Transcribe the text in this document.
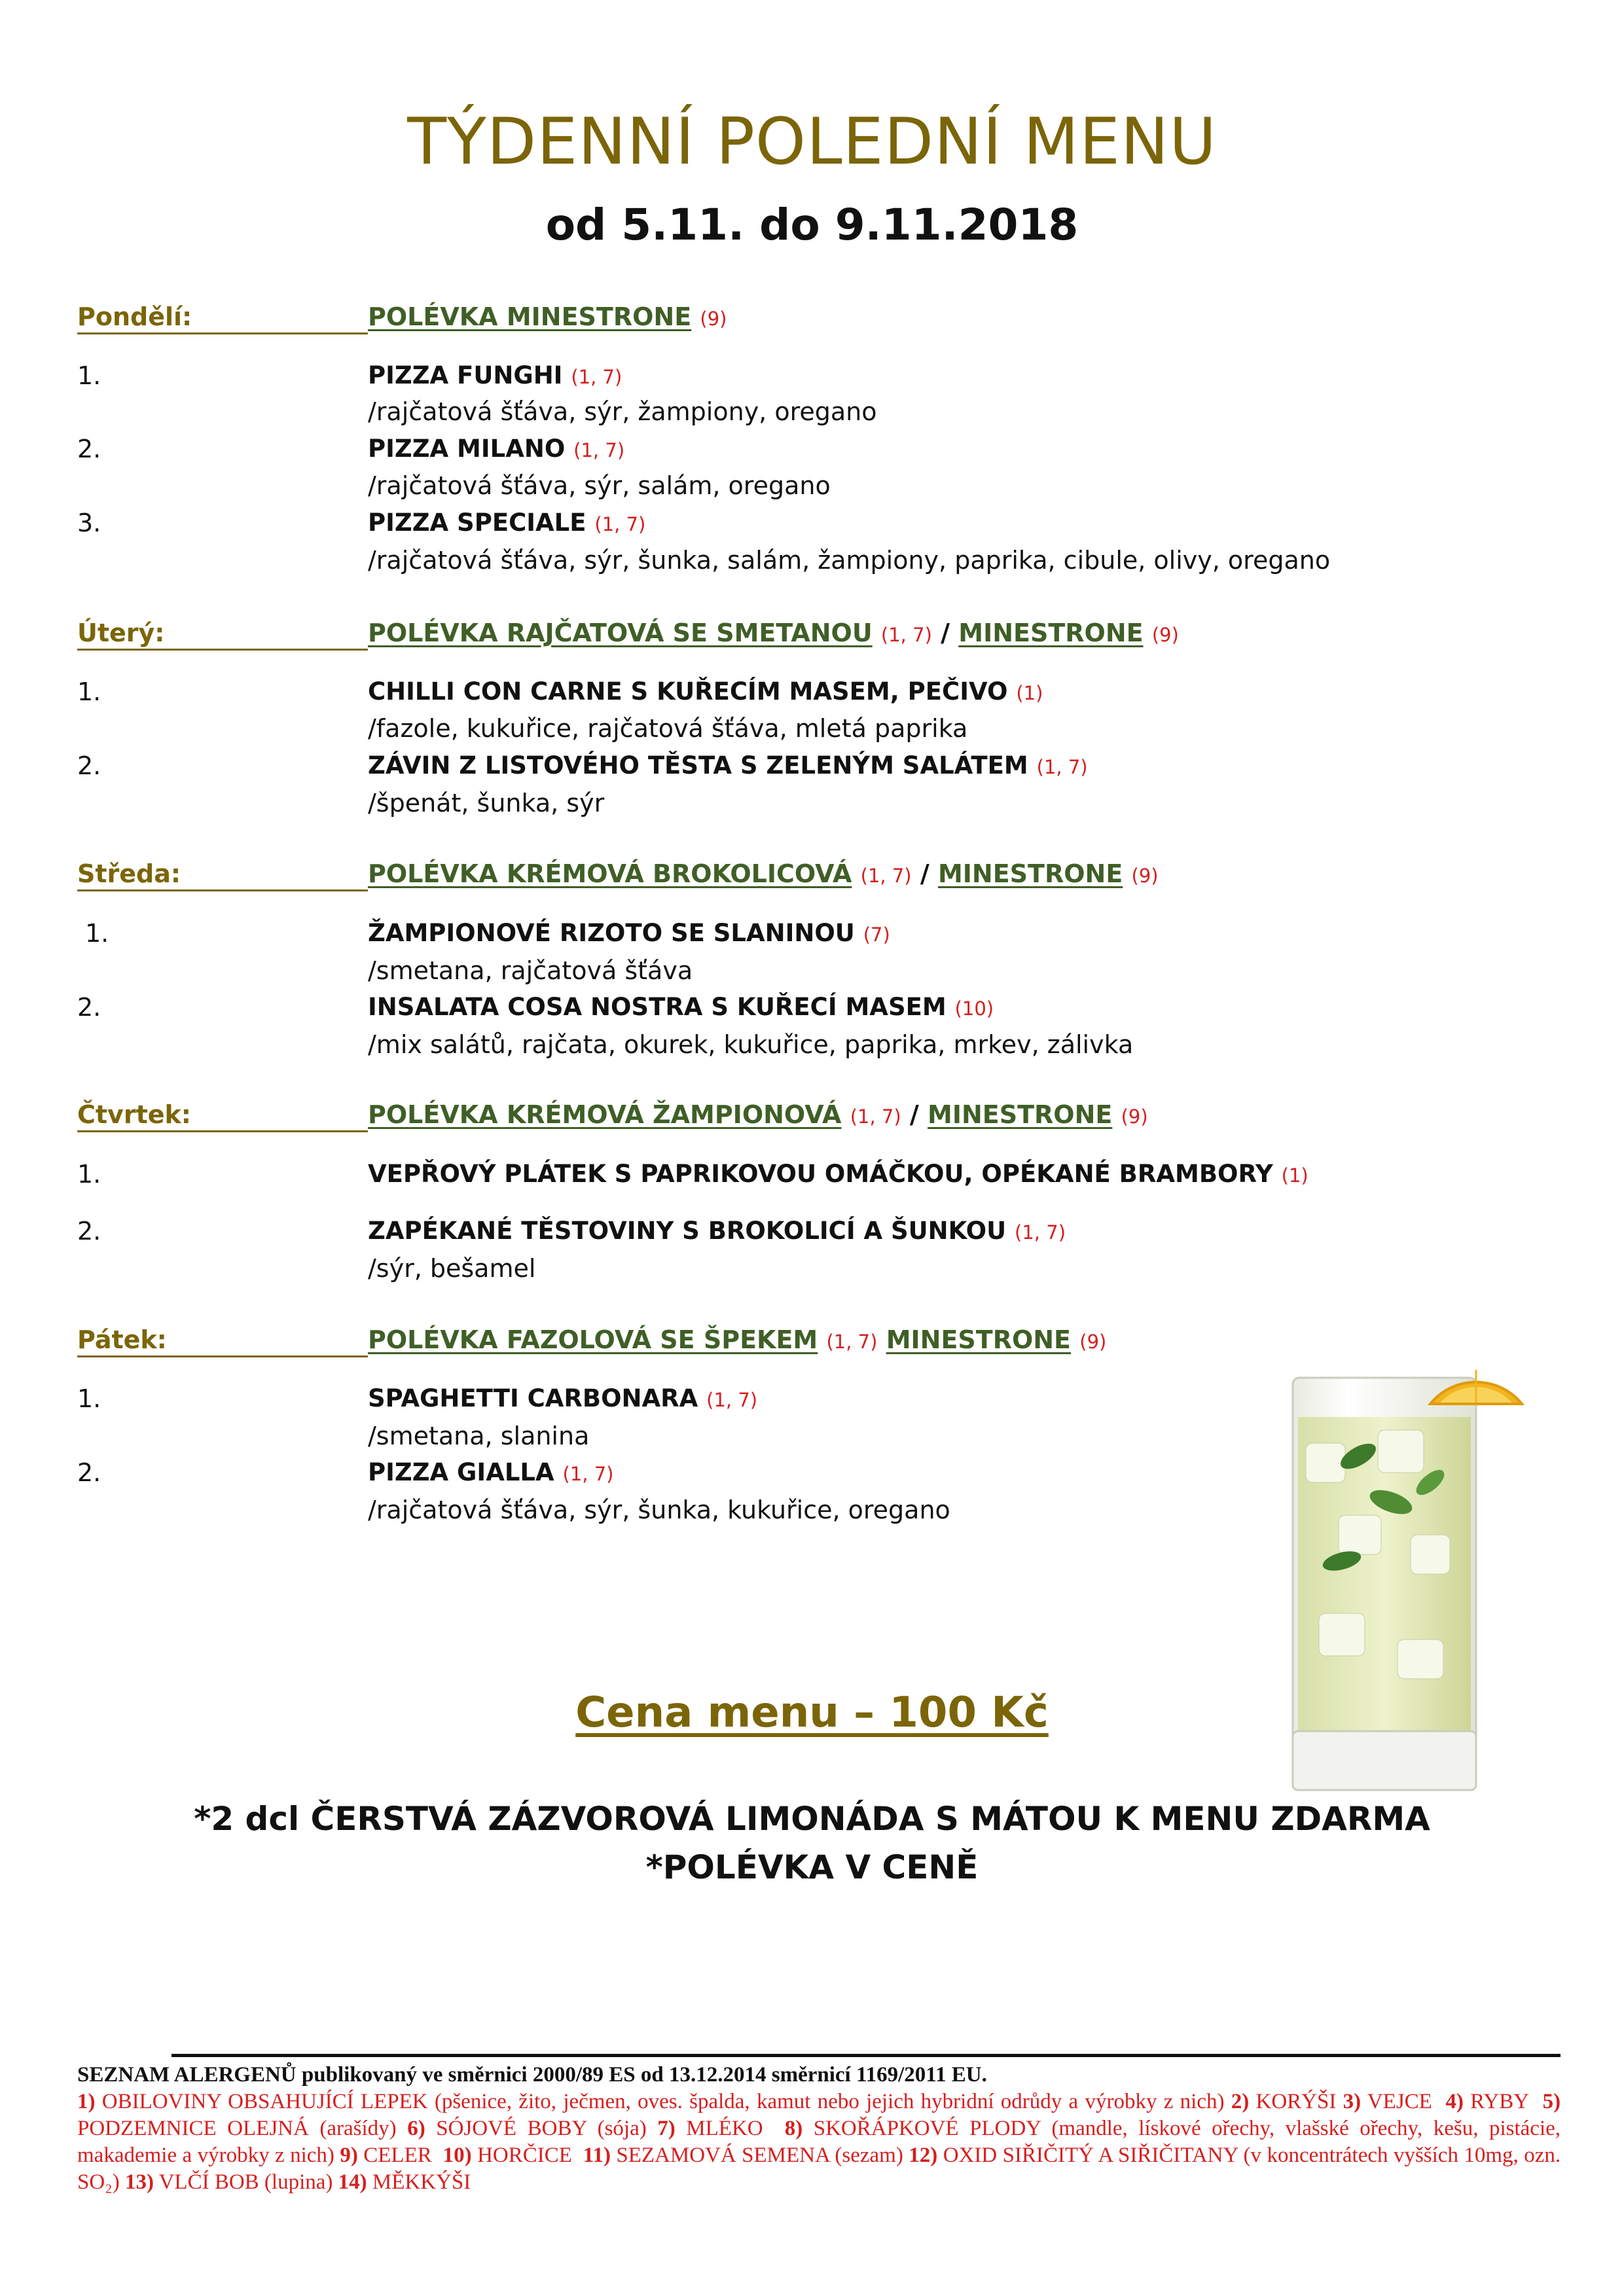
TÝDENNÍ POLEDNÍ MENU
od 5.11. do 9.11.2018
Pondělí:	POLÉVKA MINESTRONE (9)
1.	PIZZA FUNGHI (1, 7)
/rajčatová šťáva, sýr, žampiony, oregano
2.	PIZZA MILANO (1, 7)
/rajčatová šťáva, sýr, salám, oregano
3.	PIZZA SPECIALE (1, 7)
/rajčatová šťáva, sýr, šunka, salám, žampiony, paprika, cibule, olivy, oregano
Úterý:	POLÉVKA RAJČATOVÁ SE SMETANOU (1, 7) / MINESTRONE (9)
1.	CHILLI CON CARNE S KUŘECÍM MASEM, PEČIVO (1)
/fazole, kukuřice, rajčatová šťáva, mletá paprika
2.	ZÁVIN Z LISTOVÉHO TĚSTA S ZELENÝM SALÁTEM (1, 7)
/špenát, šunka, sýr
Středa:	POLÉVKA KRÉMOVÁ BROKOLICOVÁ (1, 7) / MINESTRONE (9)
1.	ŽAMPIONOVÉ RIZOTO SE SLANINOU (7)
/smetana, rajčatová šťáva
2.	INSALATA COSA NOSTRA S KUŘECÍ MASEM (10)
/mix salátů, rajčata, okurek, kukuřice, paprika, mrkev, zálivka
Čtvrtek:	POLÉVKA KRÉMOVÁ ŽAMPIONOVÁ (1, 7) / MINESTRONE (9)
1.	VEPŘOVÝ PLÁTEK S PAPRIKOVOU OMÁČKOU, OPÉKANÉ BRAMBORY (1)
2.	ZAPÉKANÉ TĚSTOVINY S BROKOLICÍ A ŠUNKOU (1, 7)
/sýr, bešamel
Pátek:	POLÉVKA FAZOLOVÁ SE ŠPEKEM (1, 7) MINESTRONE (9)
1.	SPAGHETTI CARBONARA (1, 7)
/smetana, slanina
2.	PIZZA GIALLA (1, 7)
/rajčatová šťáva, sýr, šunka, kukuřice, oregano
Cena menu – 100 Kč
*2 dcl ČERSTVÁ ZÁZVOROVÁ LIMONÁDA S MÁTOU K MENU ZDARMA
*POLÉVKA V CENĚ
SEZNAM ALERGENŮ publikovaný ve směrnici 2000/89 ES od 13.12.2014 směrnicí 1169/2011 EU.
1) OBILOVINY OBSAHUJÍCÍ LEPEK (pšenice, žito, ječmen, oves. špalda, kamut nebo jejich hybridní odrůdy a výrobky z nich) 2) KORÝŠI 3) VEJCE 4) RYBY 5) PODZEMNICE OLEJNÁ (arašídy) 6) SÓJOVÉ BOBY (sója) 7) MLÉKO 8) SKOŘÁPKOVÉ PLODY (mandle, lískové ořechy, vlašské ořechy, kešu, pistácie, makademie a výrobky z nich) 9) CELER 10) HORČICE 11) SEZAMOVÁ SEMENA (sezam) 12) OXID SIŘIČITÝ A SIŘIČITANY (v koncentrátech vyšších 10mg, ozn. SO₂) 13) VLČÍ BOB (lupina) 14) MĚKKÝŠI
